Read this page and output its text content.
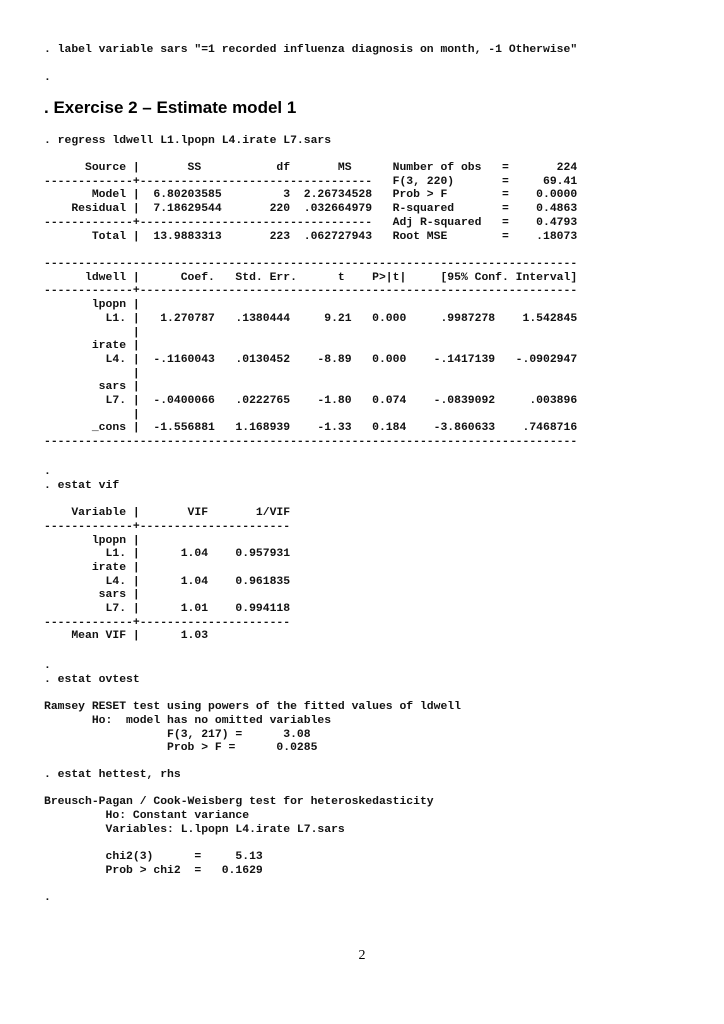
. label variable sars "=1 recorded influenza diagnosis on month, -1 Otherwise"
.
. Exercise 2 – Estimate model 1
. regress ldwell L1.lpopn L4.irate L7.sars
Source |       SS           df       MS      Number of obs   =       224
-------------+----------------------------------   F(3, 220)       =     69.41
Model |  6.80203585         3  2.26734528   Prob > F        =    0.0000
Residual |  7.18629544       220  .032664979   R-squared       =    0.4863
-------------+----------------------------------   Adj R-squared   =    0.4793
Total |  13.9883313       223  .062727943   Root MSE        =    .18073
------------------------------------------------------------------------------
ldwell |      Coef.   Std. Err.      t    P>|t|     [95% Conf. Interval]
-------------+----------------------------------------------------------------
lpopn |
L1. |   1.270787   .1380444     9.21   0.000     .9987278    1.542845
|
irate |
L4. |  -.1160043   .0130452    -8.89   0.000    -.1417139   -.0902947
|
sars |
L7. |  -.0400066   .0222765    -1.80   0.074    -.0839092     .003896
|
_cons |  -1.556881   1.168939    -1.33   0.184    -3.860633    .7468716
------------------------------------------------------------------------------
.
. estat vif

Variable |       VIF       1/VIF
-------------+----------------------
lpopn |
L1. |      1.04    0.957931
irate |
L4. |      1.04    0.961835
sars |
L7. |      1.01    0.994118
-------------+----------------------
Mean VIF |      1.03
.
. estat ovtest

Ramsey RESET test using powers of the fitted values of ldwell
Ho:  model has no omitted variables
F(3, 217) =      3.08
Prob > F =      0.0285
. estat hettest, rhs

Breusch-Pagan / Cook-Weisberg test for heteroskedasticity
Ho: Constant variance
Variables: L.lpopn L4.irate L7.sars

chi2(3)      =     5.13
Prob > chi2  =   0.1629

.
2
